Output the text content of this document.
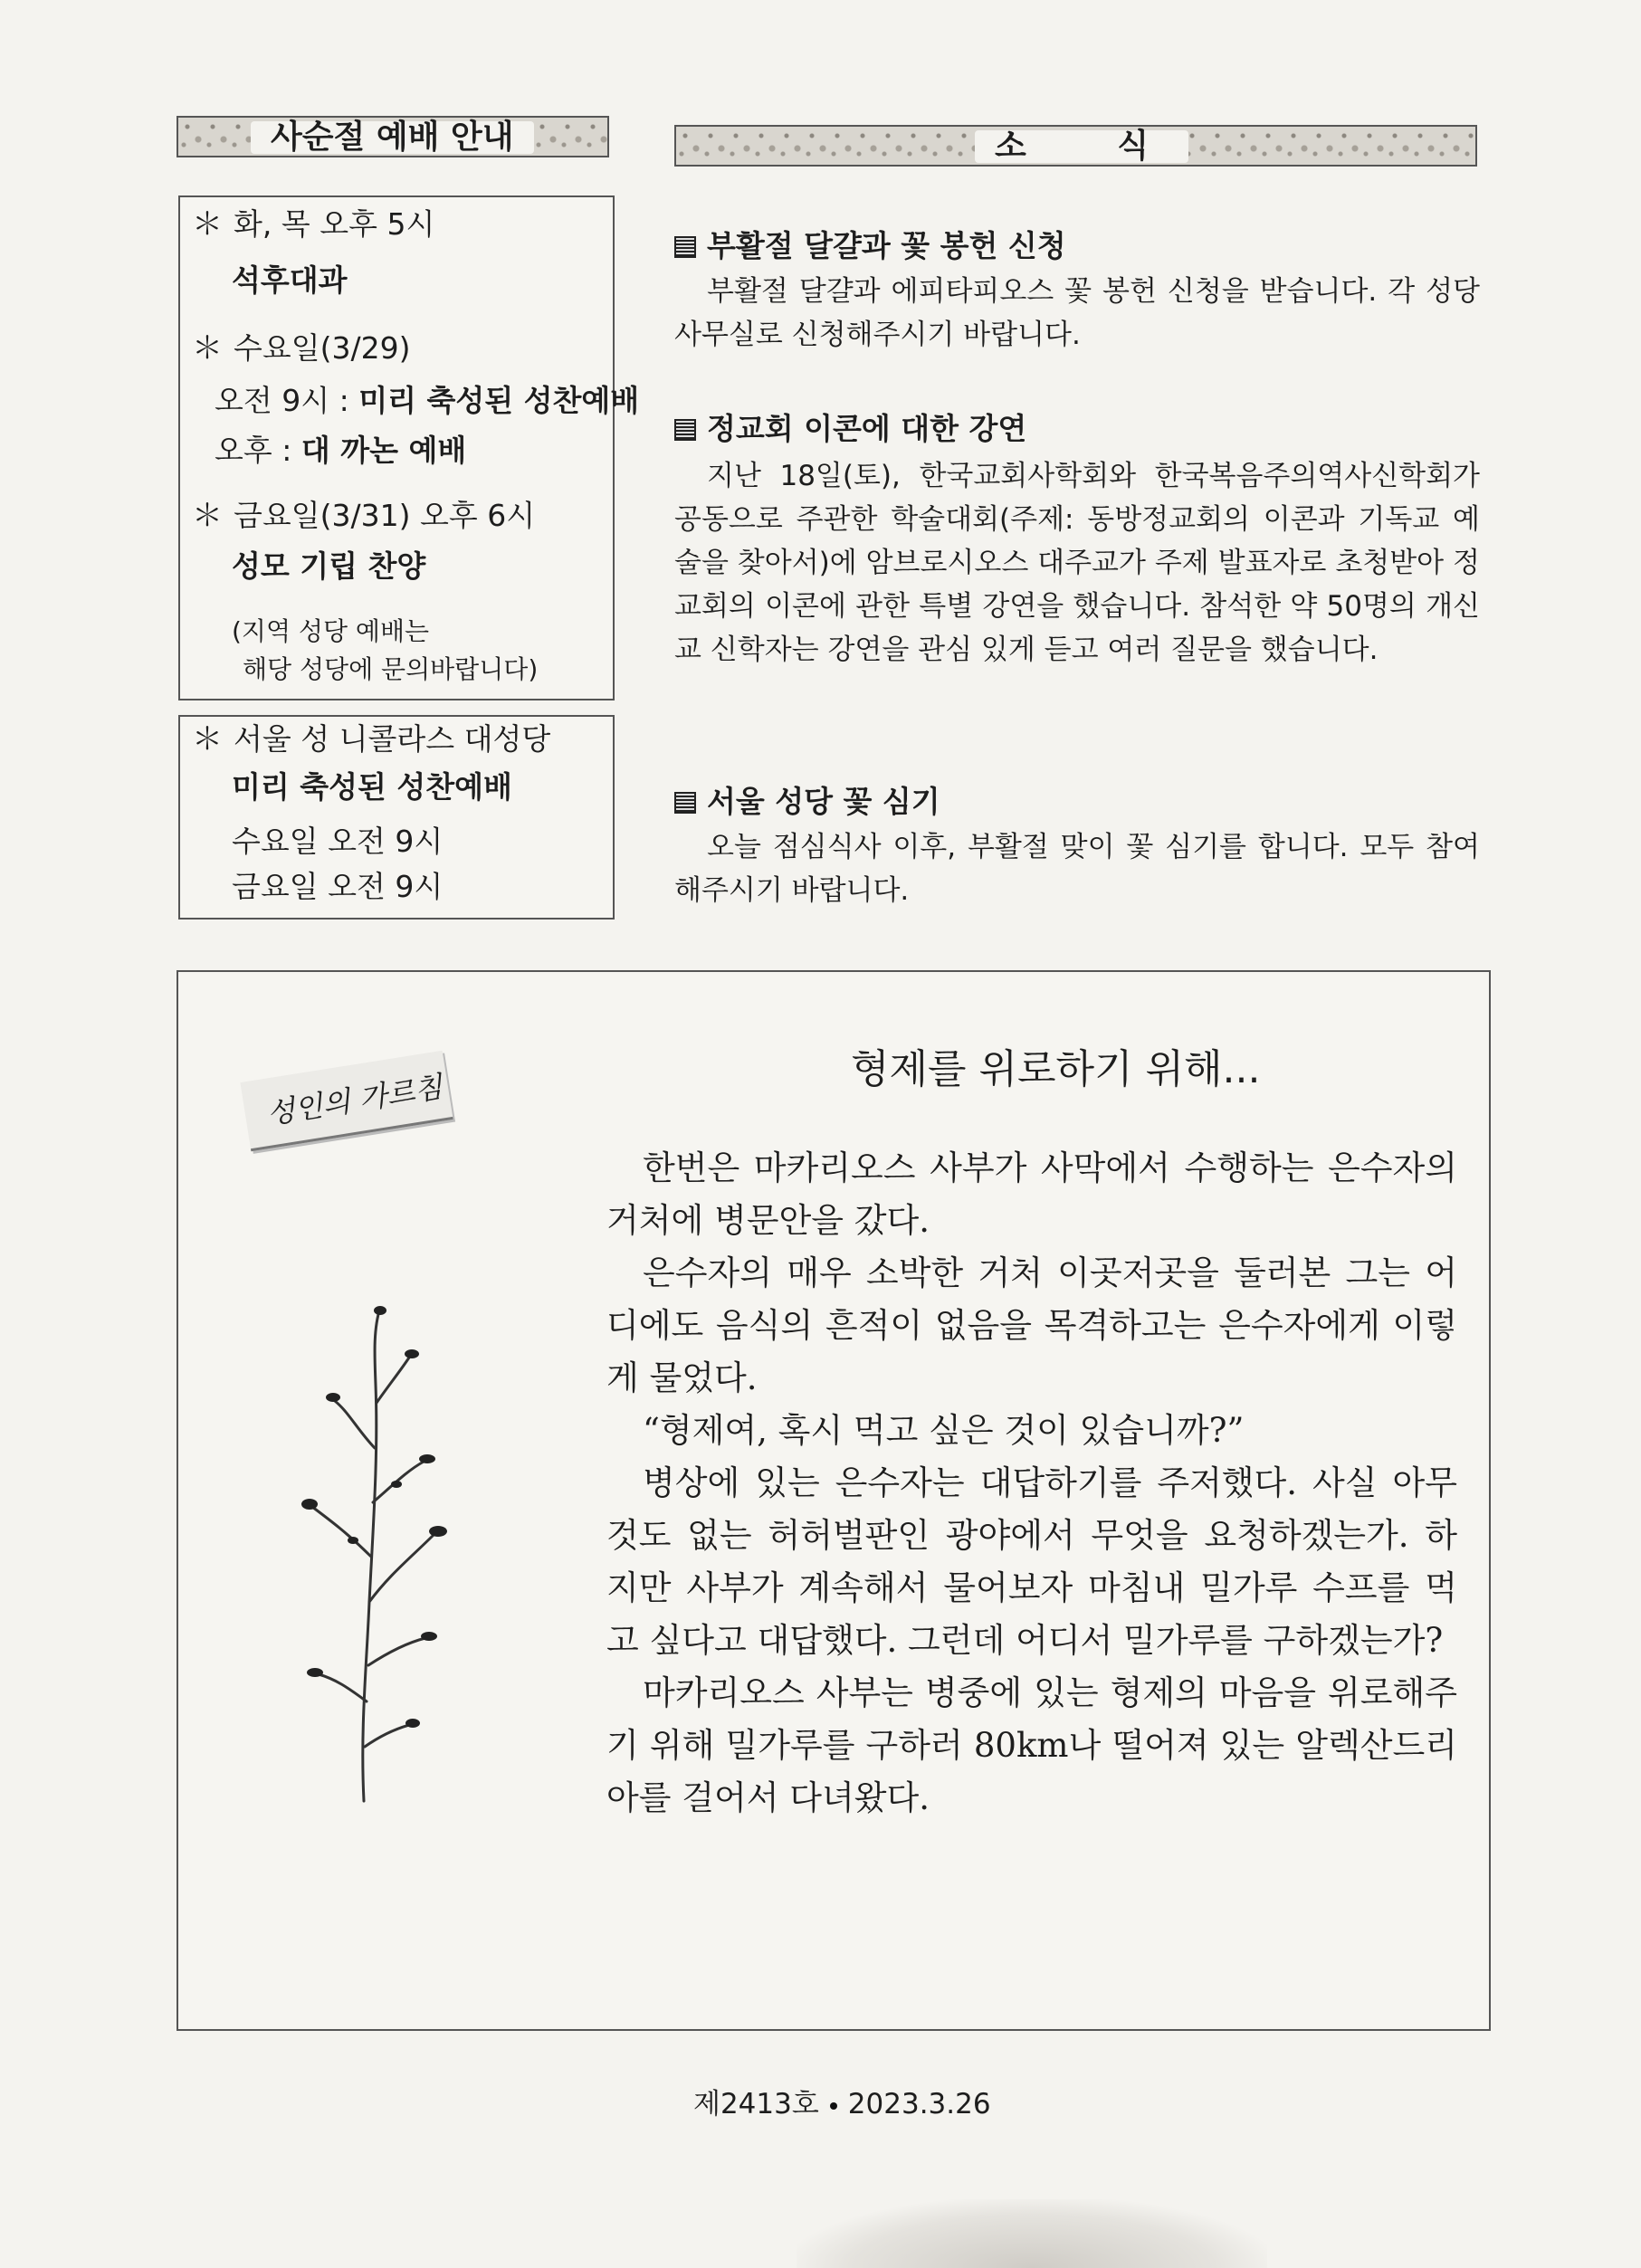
사순절 예배 안내	소 식
＊ 화, 목 오후 5시
석후대과
＊ 수요일(3/29)
오전 9시 : 미리 축성된 성찬예배
오후 : 대 까논 예배
＊ 금요일(3/31) 오후 6시
성모 기립 찬양
(지역 성당 예배는
해당 성당에 문의바랍니다)
＊ 서울 성 니콜라스 대성당
미리 축성된 성찬예배
수요일 오전 9시
금요일 오전 9시
부활절 달걀과 꽃 봉헌 신청
부활절 달걀과 에피타피오스 꽃 봉헌 신청을 받습니다. 각 성당 사무실로 신청해주시기 바랍니다.
정교회 이콘에 대한 강연
지난 18일(토), 한국교회사학회와 한국복음주의역사신학회가 공동으로 주관한 학술대회(주제: 동방정교회의 이콘과 기독교 예술을 찾아서)에 암브로시오스 대주교가 주제 발표자로 초청받아 정교회의 이콘에 관한 특별 강연을 했습니다. 참석한 약 50명의 개신교 신학자는 강연을 관심 있게 듣고 여러 질문을 했습니다.
서울 성당 꽃 심기
오늘 점심식사 이후, 부활절 맞이 꽃 심기를 합니다. 모두 참여해주시기 바랍니다.
성인의 가르침
형제를 위로하기 위해...
한번은 마카리오스 사부가 사막에서 수행하는 은수자의 거처에 병문안을 갔다.
은수자의 매우 소박한 거처 이곳저곳을 둘러본 그는 어디에도 음식의 흔적이 없음을 목격하고는 은수자에게 이렇게 물었다.
“형제여, 혹시 먹고 싶은 것이 있습니까?”
병상에 있는 은수자는 대답하기를 주저했다. 사실 아무것도 없는 허허벌판인 광야에서 무엇을 요청하겠는가. 하지만 사부가 계속해서 물어보자 마침내 밀가루 수프를 먹고 싶다고 대답했다. 그런데 어디서 밀가루를 구하겠는가?
마카리오스 사부는 병중에 있는 형제의 마음을 위로해주기 위해 밀가루를 구하러 80km나 떨어져 있는 알렉산드리아를 걸어서 다녀왔다.
제2413호 2023.3.26
